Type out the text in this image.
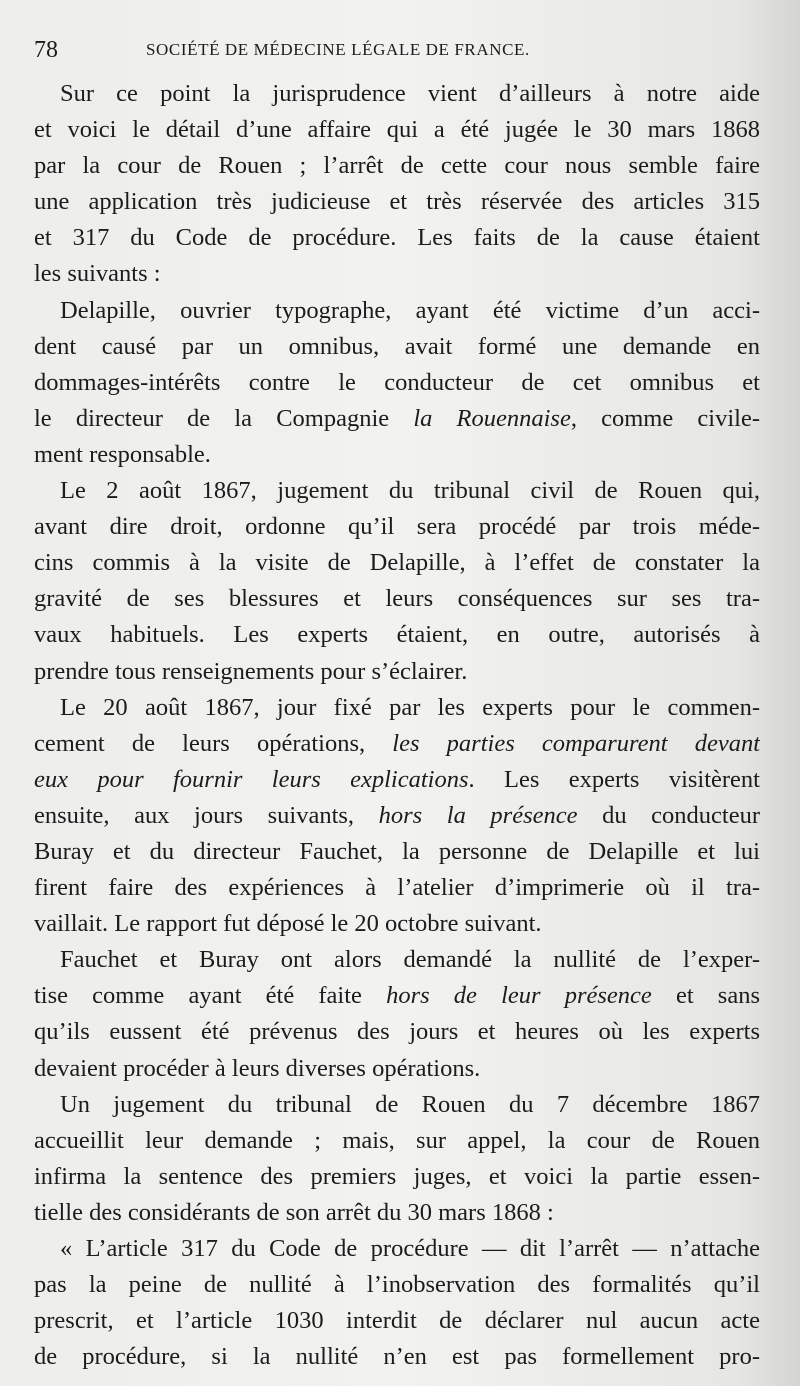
78	SOCIÉTÉ DE MÉDECINE LÉGALE DE FRANCE.
Sur ce point la jurisprudence vient d’ailleurs à notre aide
et voici le détail d’une affaire qui a été jugée le 30 mars 1868
par la cour de Rouen ; l’arrêt de cette cour nous semble faire
une application très judicieuse et très réservée des articles 315
et 317 du Code de procédure. Les faits de la cause étaient
les suivants :
Delapille, ouvrier typographe, ayant été victime d’un acci-
dent causé par un omnibus, avait formé une demande en
dommages-intérêts contre le conducteur de cet omnibus et
le directeur de la Compagnie la Rouennaise, comme civile-
ment responsable.
Le 2 août 1867, jugement du tribunal civil de Rouen qui,
avant dire droit, ordonne qu’il sera procédé par trois méde-
cins commis à la visite de Delapille, à l’effet de constater la
gravité de ses blessures et leurs conséquences sur ses tra-
vaux habituels. Les experts étaient, en outre, autorisés à
prendre tous renseignements pour s’éclairer.
Le 20 août 1867, jour fixé par les experts pour le commen-
cement de leurs opérations, les parties comparurent devant
eux pour fournir leurs explications. Les experts visitèrent
ensuite, aux jours suivants, hors la présence du conducteur
Buray et du directeur Fauchet, la personne de Delapille et lui
firent faire des expériences à l’atelier d’imprimerie où il tra-
vaillait. Le rapport fut déposé le 20 octobre suivant.
Fauchet et Buray ont alors demandé la nullité de l’exper-
tise comme ayant été faite hors de leur présence et sans
qu’ils eussent été prévenus des jours et heures où les experts
devaient procéder à leurs diverses opérations.
Un jugement du tribunal de Rouen du 7 décembre 1867
accueillit leur demande ; mais, sur appel, la cour de Rouen
infirma la sentence des premiers juges, et voici la partie essen-
tielle des considérants de son arrêt du 30 mars 1868 :
« L’article 317 du Code de procédure — dit l’arrêt — n’attache
pas la peine de nullité à l’inobservation des formalités qu’il
prescrit, et l’article 1030 interdit de déclarer nul aucun acte
de procédure, si la nullité n’en est pas formellement pro-
